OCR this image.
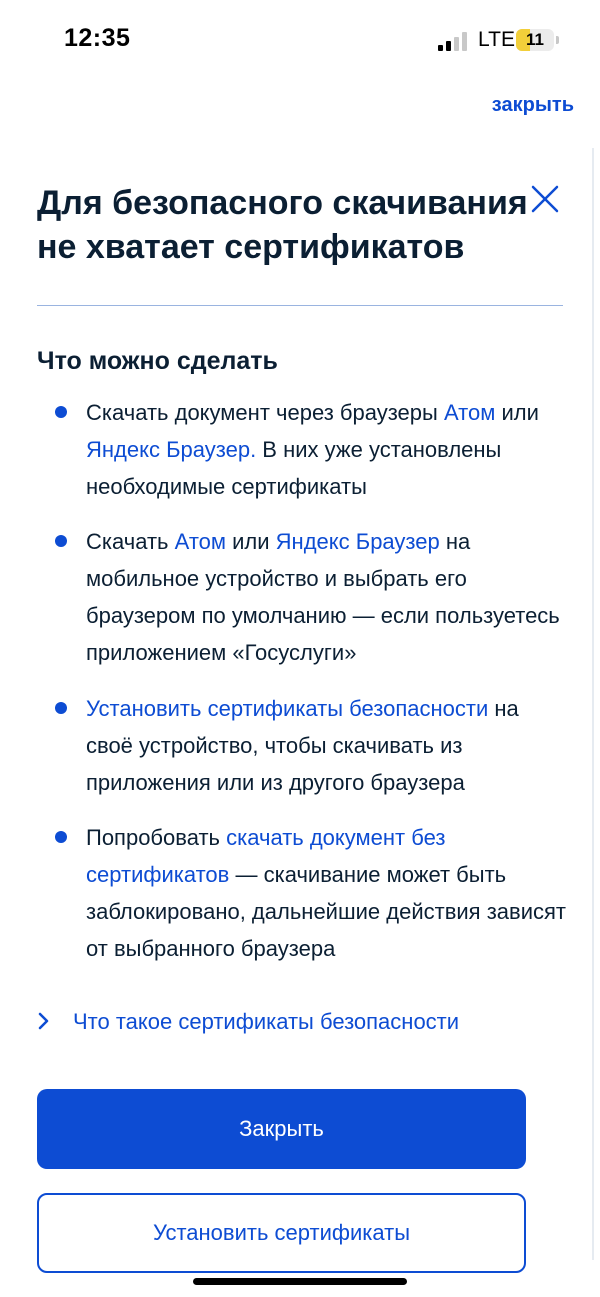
12:35	LTE 11
закрыть
Для безопасного скачивания не хватает сертификатов
Что можно сделать
Скачать документ через браузеры Атом или Яндекс Браузер. В них уже установлены необходимые сертификаты
Скачать Атом или Яндекс Браузер на мобильное устройство и выбрать его браузером по умолчанию — если пользуетесь приложением «Госуслуги»
Установить сертификаты безопасности на своё устройство, чтобы скачивать из приложения или из другого браузера
Попробовать скачать документ без сертификатов — скачивание может быть заблокировано, дальнейшие действия зависят от выбранного браузера
Что такое сертификаты безопасности
Закрыть
Установить сертификаты
